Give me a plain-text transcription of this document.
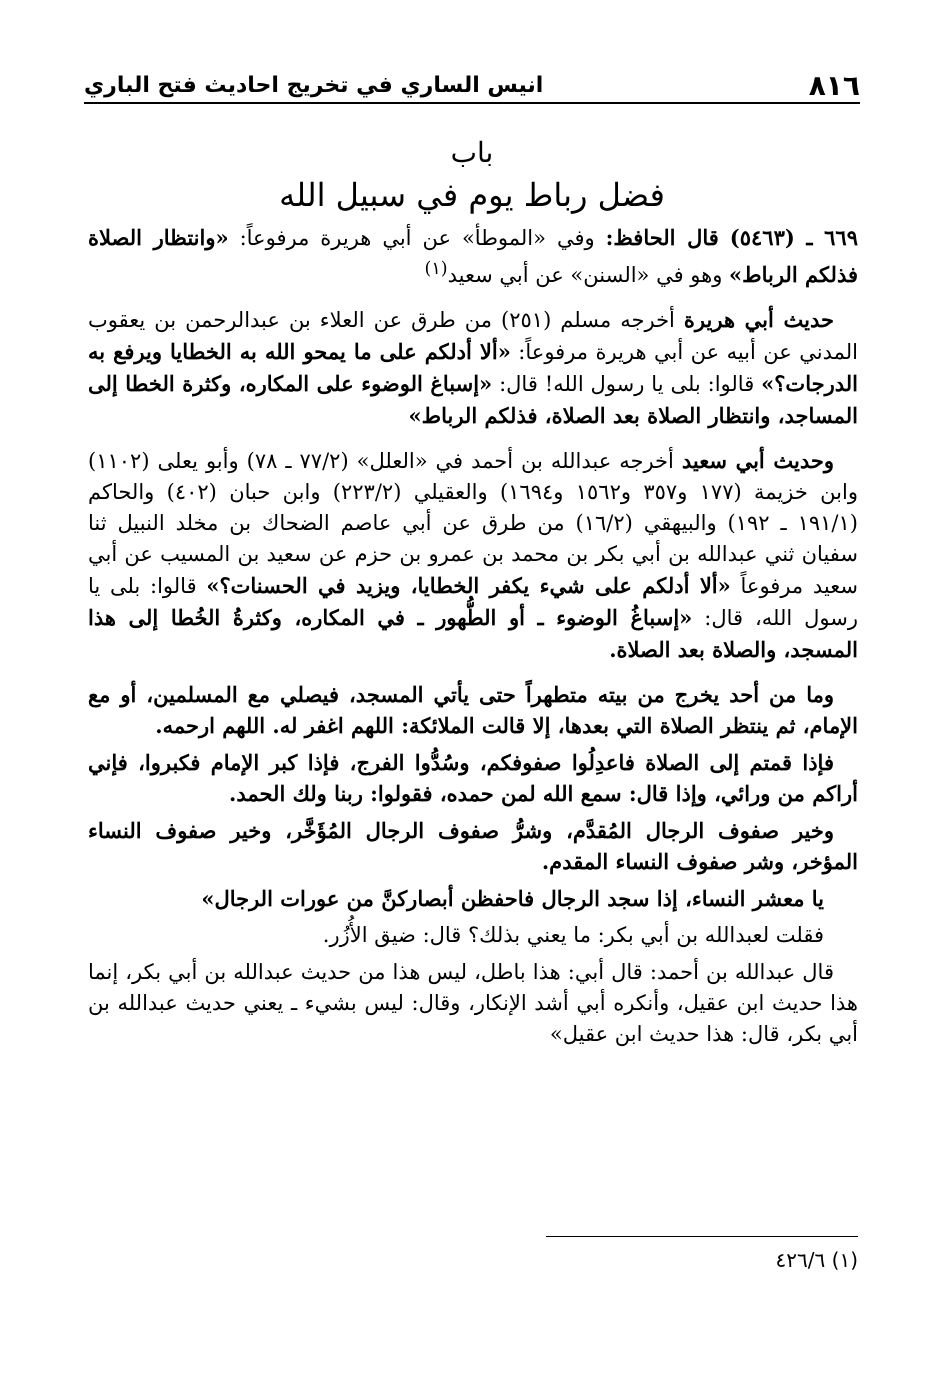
٨١٦
انيس الساري في تخريج احاديث فتح الباري
باب
فضل رباط يوم في سبيل الله

٦٦٩ ـ (٥٤٦٣) قال الحافظ: وفي «الموطأ» عن أبي هريرة مرفوعاً: «وانتظار الصلاة فذلكم الرباط» وهو في «السنن» عن أبي سعيد$^{(١)}$

حديث أبي هريرة أخرجه مسلم (٢٥١) من طرق عن العلاء بن عبدالرحمن بن يعقوب المدني عن أبيه عن أبي هريرة مرفوعاً: «ألا أدلكم على ما يمحو الله به الخطايا ويرفع به الدرجات؟» قالوا: بلى يا رسول الله! قال: «إسباغ الوضوء على المكاره، وكثرة الخطا إلى المساجد، وانتظار الصلاة بعد الصلاة، فذلكم الرباط»

وحديث أبي سعيد أخرجه عبدالله بن أحمد في «العلل» (٧٧/٢ ـ ٧٨) وأبو يعلى (١١٠٢) وابن خزيمة (١٧٧ و٣٥٧ و١٥٦٢ و١٦٩٤) والعقيلي (٢٢٣/٢) وابن حبان (٤٠٢) والحاكم (١٩١/١ ـ ١٩٢) والبيهقي (١٦/٢) من طرق عن أبي عاصم الضحاك بن مخلد النبيل ثنا سفيان ثني عبدالله بن أبي بكر بن محمد بن عمرو بن حزم عن سعيد بن المسيب عن أبي سعيد مرفوعاً «ألا أدلكم على شيء يكفر الخطايا، ويزيد في الحسنات؟» قالوا: بلى يا رسول الله، قال: «إسباغُ الوضوء ـ أو الطُّهور ـ في المكاره، وكثرةُ الخُطا إلى هذا المسجد، والصلاة بعد الصلاة.

وما من أحد يخرج من بيته متطهراً حتى يأتي المسجد، فيصلي مع المسلمين، أو مع الإمام، ثم ينتظر الصلاة التي بعدها، إلا قالت الملائكة: اللهم اغفر له. اللهم ارحمه.

فإذا قمتم إلى الصلاة فاعدِلُوا صفوفكم، وسُدُّوا الفرج، فإذا كبر الإمام فكبروا، فإني أراكم من ورائي، وإذا قال: سمع الله لمن حمده، فقولوا: ربنا ولك الحمد.

وخير صفوف الرجال المُقدَّم، وشرُّ صفوف الرجال المُؤَخَّر، وخير صفوف النساء المؤخر، وشر صفوف النساء المقدم.

يا معشر النساء، إذا سجد الرجال فاحفظن أبصاركنَّ من عورات الرجال»

فقلت لعبدالله بن أبي بكر: ما يعني بذلك؟ قال: ضيق الأُزُر.

قال عبدالله بن أحمد: قال أبي: هذا باطل، ليس هذا من حديث عبدالله بن أبي بكر، إنما هذا حديث ابن عقيل، وأنكره أبي أشد الإنكار، وقال: ليس بشيء ـ يعني حديث عبدالله بن أبي بكر، قال: هذا حديث ابن عقيل»

(١) ٤٢٦/٦
